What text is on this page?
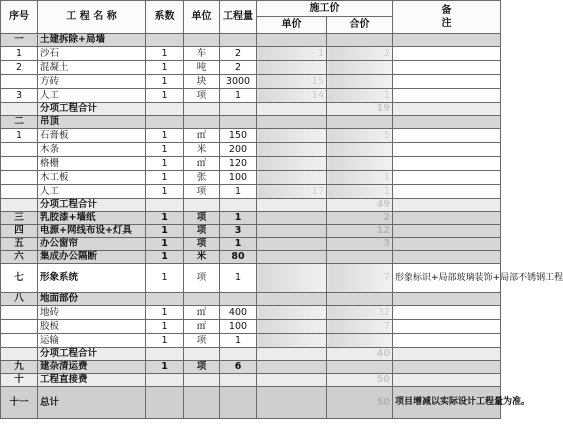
序号	工 程 名 称	系数	单位	工程量	施工价		备
注

					单价	合价	
一	土建拆除+局墙						
1	沙石	1	车	2	1	2	
2	混凝土	1	吨	2			
	方砖	1	块	3000	15		
3	人工	1	项	1	14	1	
	分项工程合计					19	
二	吊顶						
1	石膏板	1	㎡	150		5	
	木条	1	米	200			
	格栅	1	㎡	120			
	木工板	1	张	100		1	
	人工	1	项	1	17	1	
	分项工程合计					49	
三	乳胶漆+墙纸	1	项	1		2	
四	电源+网线布设+灯具	1	项	3		12	
五	办公窗帘	1	项	1		3	
六	集成办公隔断	1	米	80			
七	形象系统	1	项	1		7	形象标识+局部玻璃装饰+局部不锈钢工程
八	地面部份						
	地砖	1	㎡	400		32	
	胶板	1	㎡	100		7	
	运输	1	项	1			
	分项工程合计					40	
九	建杂清运费	1	项	6			
十	工程直接费					50	
十一	总计					50	项目增减以实际设计工程量为准。
